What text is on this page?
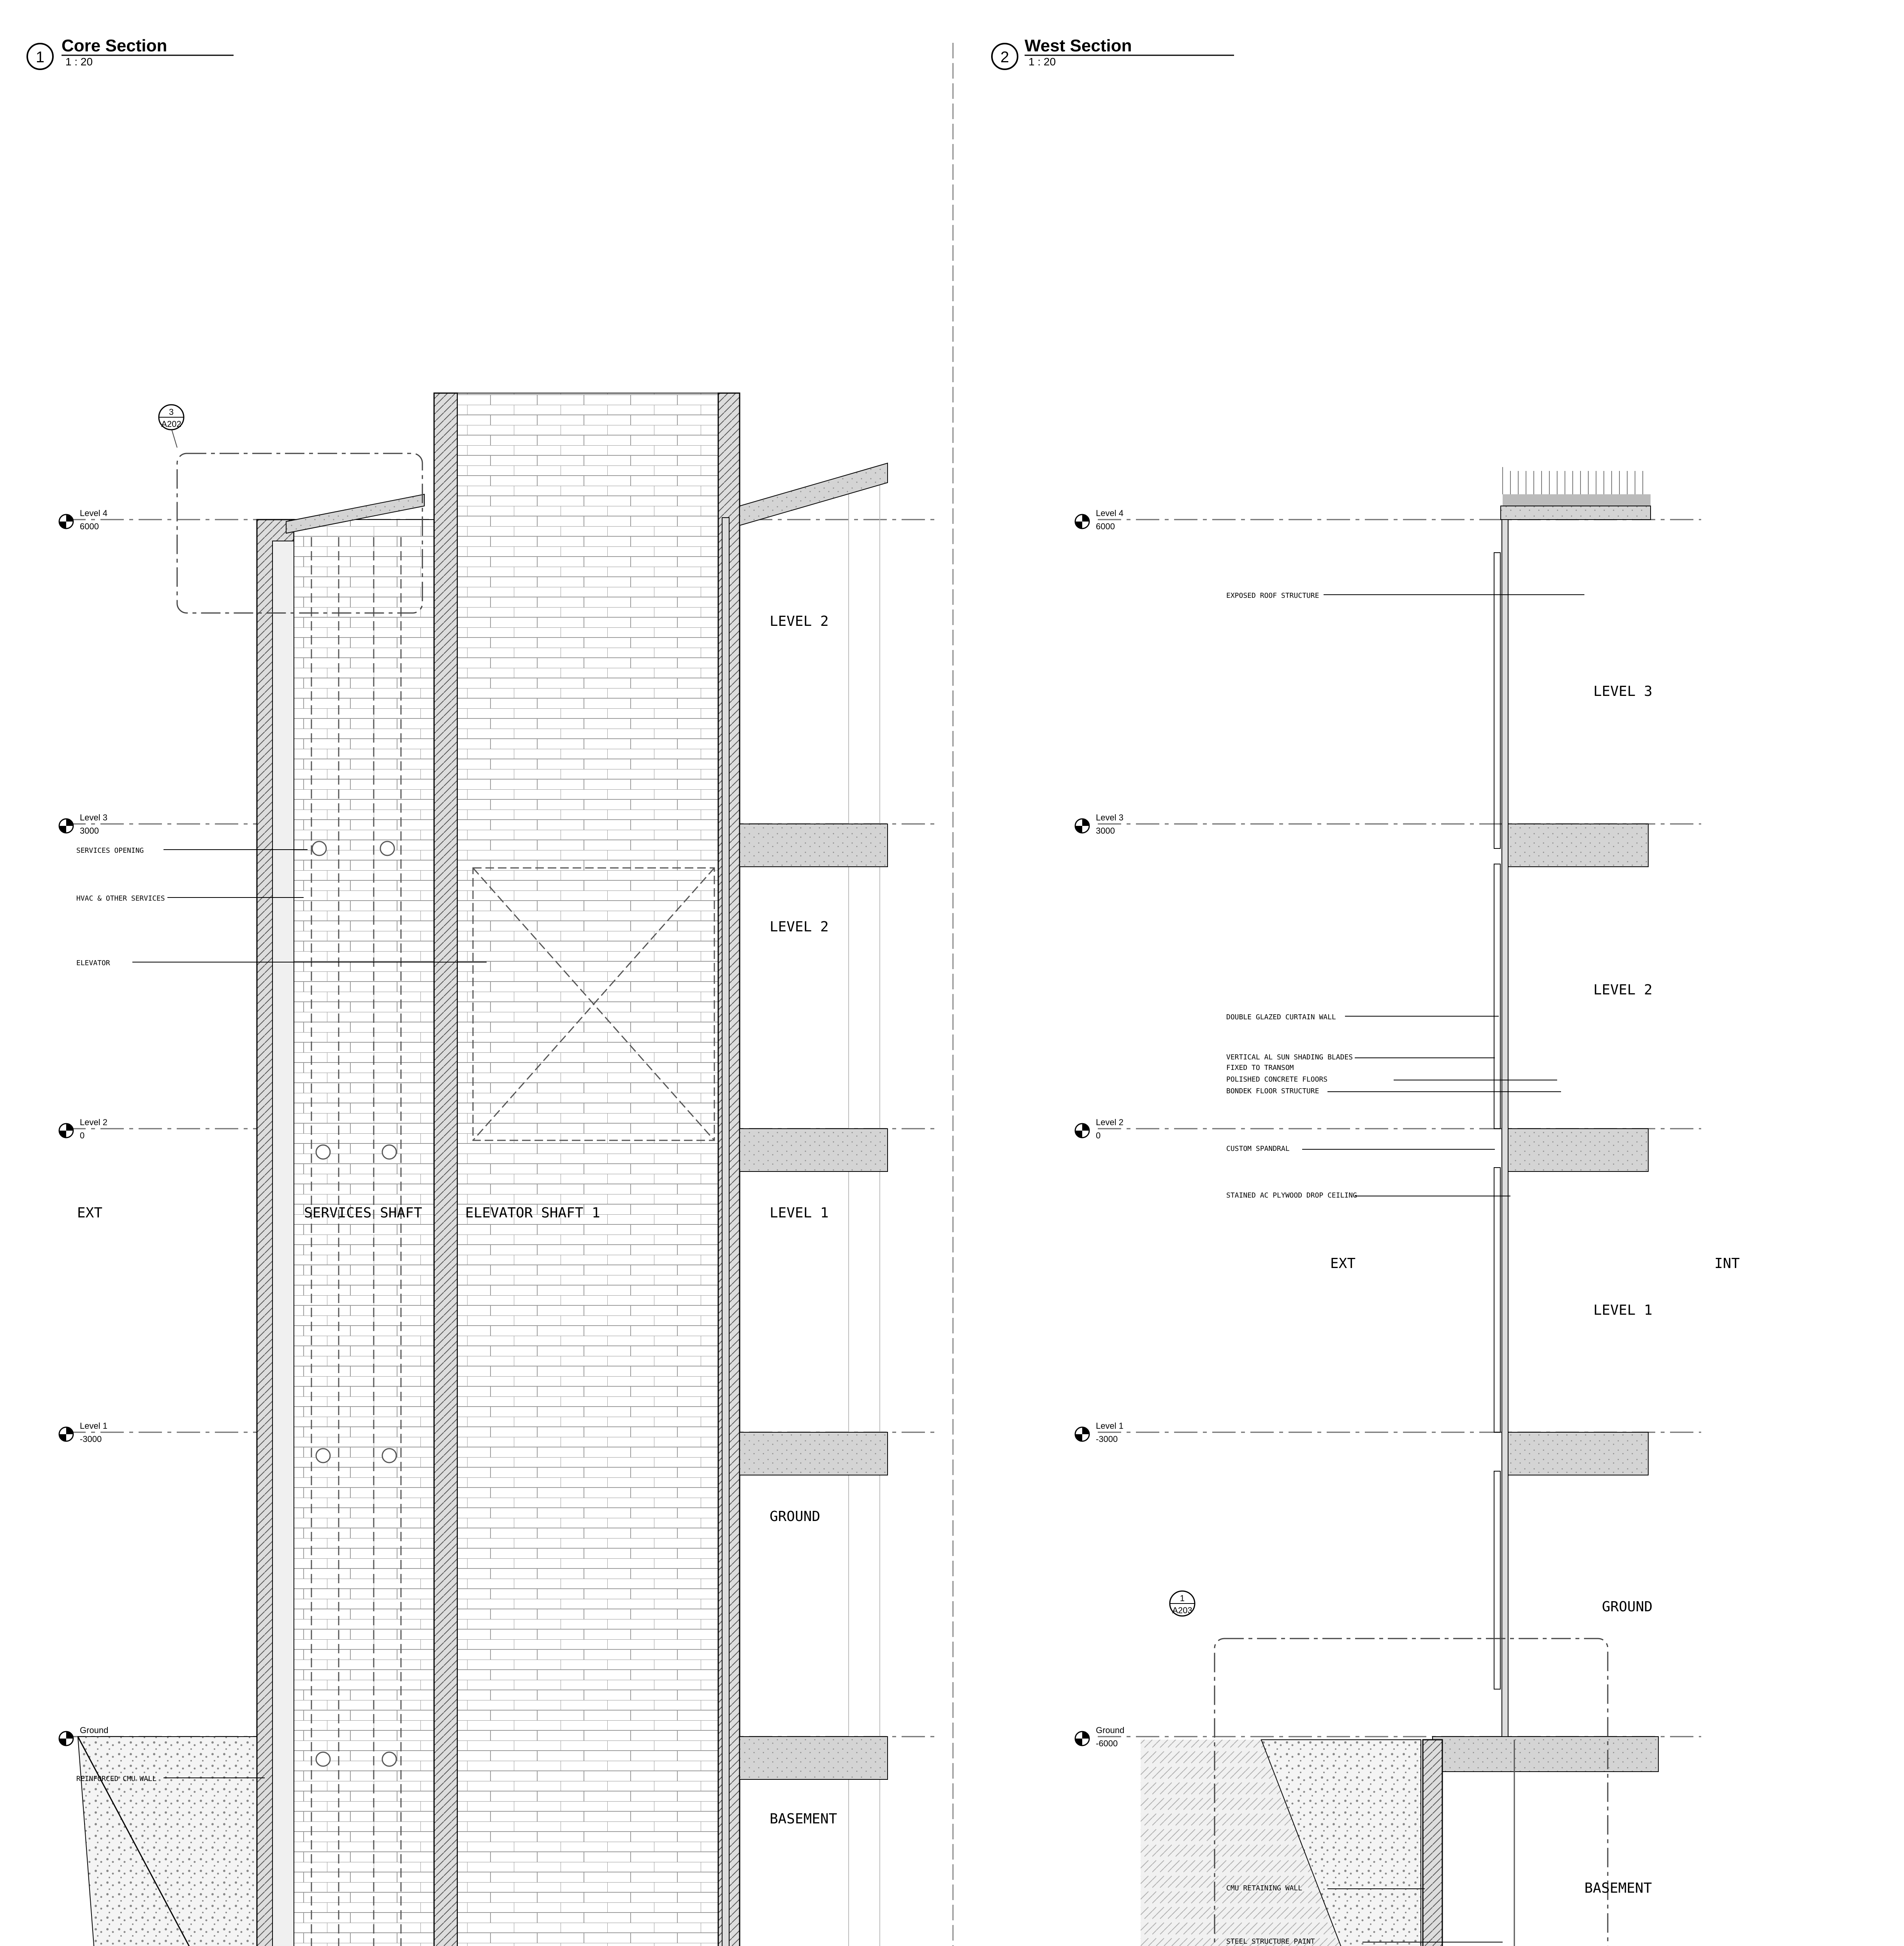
1
Core Section
1 : 20	2
West Section
1 : 20
Level 4
6000
Level 3
3000
Level 2
0
Level 1
-3000
Ground
Level 4
6000
Level 3
3000
Level 2
0
Level 1
-3000
Ground
-6000
3
A202
EXT	SERVICES SHAFT	ELEVATOR SHAFT 1
LEVEL 2
LEVEL 2
LEVEL 1
GROUND
BASEMENT
SERVICES OPENING
HVAC & OTHER SERVICES
ELEVATOR
REINFORCED CMU WALL
1
A203
EXT	INT
LEVEL 3
LEVEL 2
LEVEL 1
GROUND
BASEMENT
EXPOSED ROOF STRUCTURE
DOUBLE GLAZED CURTAIN WALL
VERTICAL AL SUN SHADING BLADES
FIXED TO TRANSOM
POLISHED CONCRETE FLOORS
BONDEK FLOOR STRUCTURE
CUSTOM SPANDRAL
STAINED AC PLYWOOD DROP CEILING
CMU RETAINING WALL
STEEL STRUCTURE PAINT
